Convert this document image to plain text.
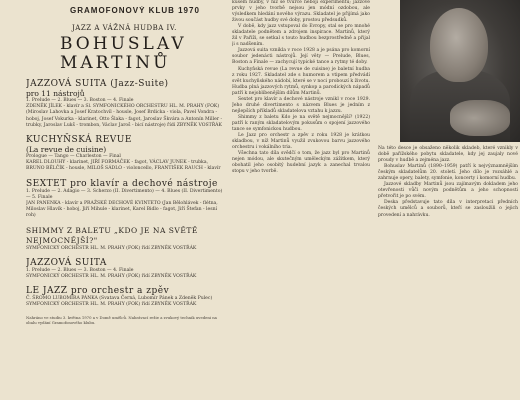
GRAMOFONOVÝ KLUB 1970
JAZZ A VÁŽNÁ HUDBA IV.
BOHUSLAV
MARTINŮ
JAZZOVÁ SUITA (Jazz-Suite)
pro 11 nástrojů
1. Prelude — 2. Blues — 3. Boston — 4. Finale
ZDENĚK JÍLEK - klavír a Sl. SYMFONICKÉHO ORCHESTRU HL. M. PRAHY (FOK)
(Miroslav Lahovka a Josef Kratochvíl - housle, Josef Brdicka - viola, Pavel Vondra - hoboj, Josef Vokurka - klarinet, Otto Šlaka - fagot, Jaroslav Škvára a Antonín Miller - trubky, Jaroslav Lukš - trombon, Václav Jaroš - bicí nástroje) řídí ZBYNĚK VOSTŘÁK
KUCHYŇSKÁ REVUE
(La revue de cuisine)
Prologue — Tango — Charleston — Final
KAREL DLOUHÝ - klarinet, JIŘÍ FORMÁČEK - fagot, VÁCLAV JUNEK - trubka, BRUNO BĚLČÍK - housle, MILOŠ SÁDLO - violoncello, FRANTIŠEK RAUCH - klavír
SEXTET pro klavír a dechové nástroje
1. Prelude — 2. Adagio — 3. Scherzo (II. Divertimento) — 4. Blues (II. Divertimento) — 5. Finale
JAN PANENKA - klavír a PRAŽSKÉ DECHOVÉ KVINTETO (Jan Bělohlávek - flétna, Miloslav Hlavík - hoboj, Jiří Mihule - klarinet, Karel Bidlo - fagot, Jiří Štefan - lesní roh)
SHIMMY Z BALETU „KDO JE NA SVĚTĚ NEJMOCNĚJŠÍ?"
SYMFONICKÝ ORCHESTR HL. M. PRAHY (FOK) řídí ZBYNĚK VOSTŘÁK
JAZZOVÁ SUITA
1. Prelude — 2. Blues — 3. Boston — 4. Finale
SYMFONICKÝ ORCHESTR HL. M. PRAHY (FOK) řídí ZBYNĚK VOSTŘÁK
LE JAZZ pro orchestr a zpěv
Č. ŠROMO LUBOMÍRA PÁNKA (Svatava Černá, Lubomír Pánek a Zdeněk Pulec)
SYMFONICKÝ ORCHESTR HL. M. PRAHY (FOK) řídí ZBYNĚK VOSTŘÁK
Nahráno ve studiu 3. května 1970 a v Domě umělců. Nahrávací režie a zvukový technik uvedeni na obalu vydání Gramofonového klubu.
kusem hudby, v níž se tvůrce nebojí experimentu; jazzové prvky v jeho tvorbě nejsou jen módní ozdobou, ale výsledkem hledání nového výrazu. Skladatel je přijímá jako živou součást hudby své doby, prostou předsudků.
V době, kdy jazz vstupoval do Evropy, stal se pro mnohé skladatele podnětem a zdrojem inspirace. Martinů, který žil v Paříži, se setkal s touto hudbou bezprostředně a přijal ji s nadšením.
Jazzová suita vznikla v roce 1928 a je psána pro komorní soubor jedenácti nástrojů. Její věty — Prelude, Blues, Boston a Finale — zachycují typické tance a rytmy té doby.
Kuchyňská revue (La revue de cuisine) je baletní hudba z roku 1927. Skladatel zde s humorem a vtipem předvádí svět kuchyňského nádobí, které se v noci probouzí k životu. Hudba plná jazzových rytmů, synkop a parodických nápadů patří k nejoblíbenějším dílům Martinů.
Sextet pro klavír a dechové nástroje vznikl v roce 1929. Jeho druhé divertimento s názvem Blues je jedním z nejlepších příkladů skladatelova vztahu k jazzu.
Shimmy z baletu Kdo je na světě nejmocnější? (1922) patří k raným skladatelovým pokusům o spojení jazzového tance se symfonickou hudbou.
Le Jazz pro orchestr a zpěv z roku 1928 je krátkou skladbou, v níž Martinů využil zvukovou barvu jazzového orchestru i vokálního tria.
Všechna tato díla svědčí o tom, že jazz byl pro Martinů nejen módou, ale skutečným uměleckým zážitkem, který obohatil jeho osobitý hudební jazyk a zanechal trvalou stopu v jeho tvorbě.
Na této desce je obsaženo několik skladeb, které vznikly v době pařížského pobytu skladatele, kdy jej zaujaly nové proudy v hudbě a zejména jazz.
Bohuslav Martinů (1890–1959) patří k nejvýznamnějším českým skladatelům 20. století. Jeho dílo je rozsáhlé a zahrnuje opery, balety, symfonie, koncerty i komorní hudbu.
Jazzové skladby Martinů jsou zajímavým dokladem jeho otevřenosti vůči novým podnětům a jeho schopnosti přetvořit je po svém.
Deska představuje tato díla v interpretaci předních českých umělců a souborů, kteří se zasloužili o jejich provedení a nahrávku.
